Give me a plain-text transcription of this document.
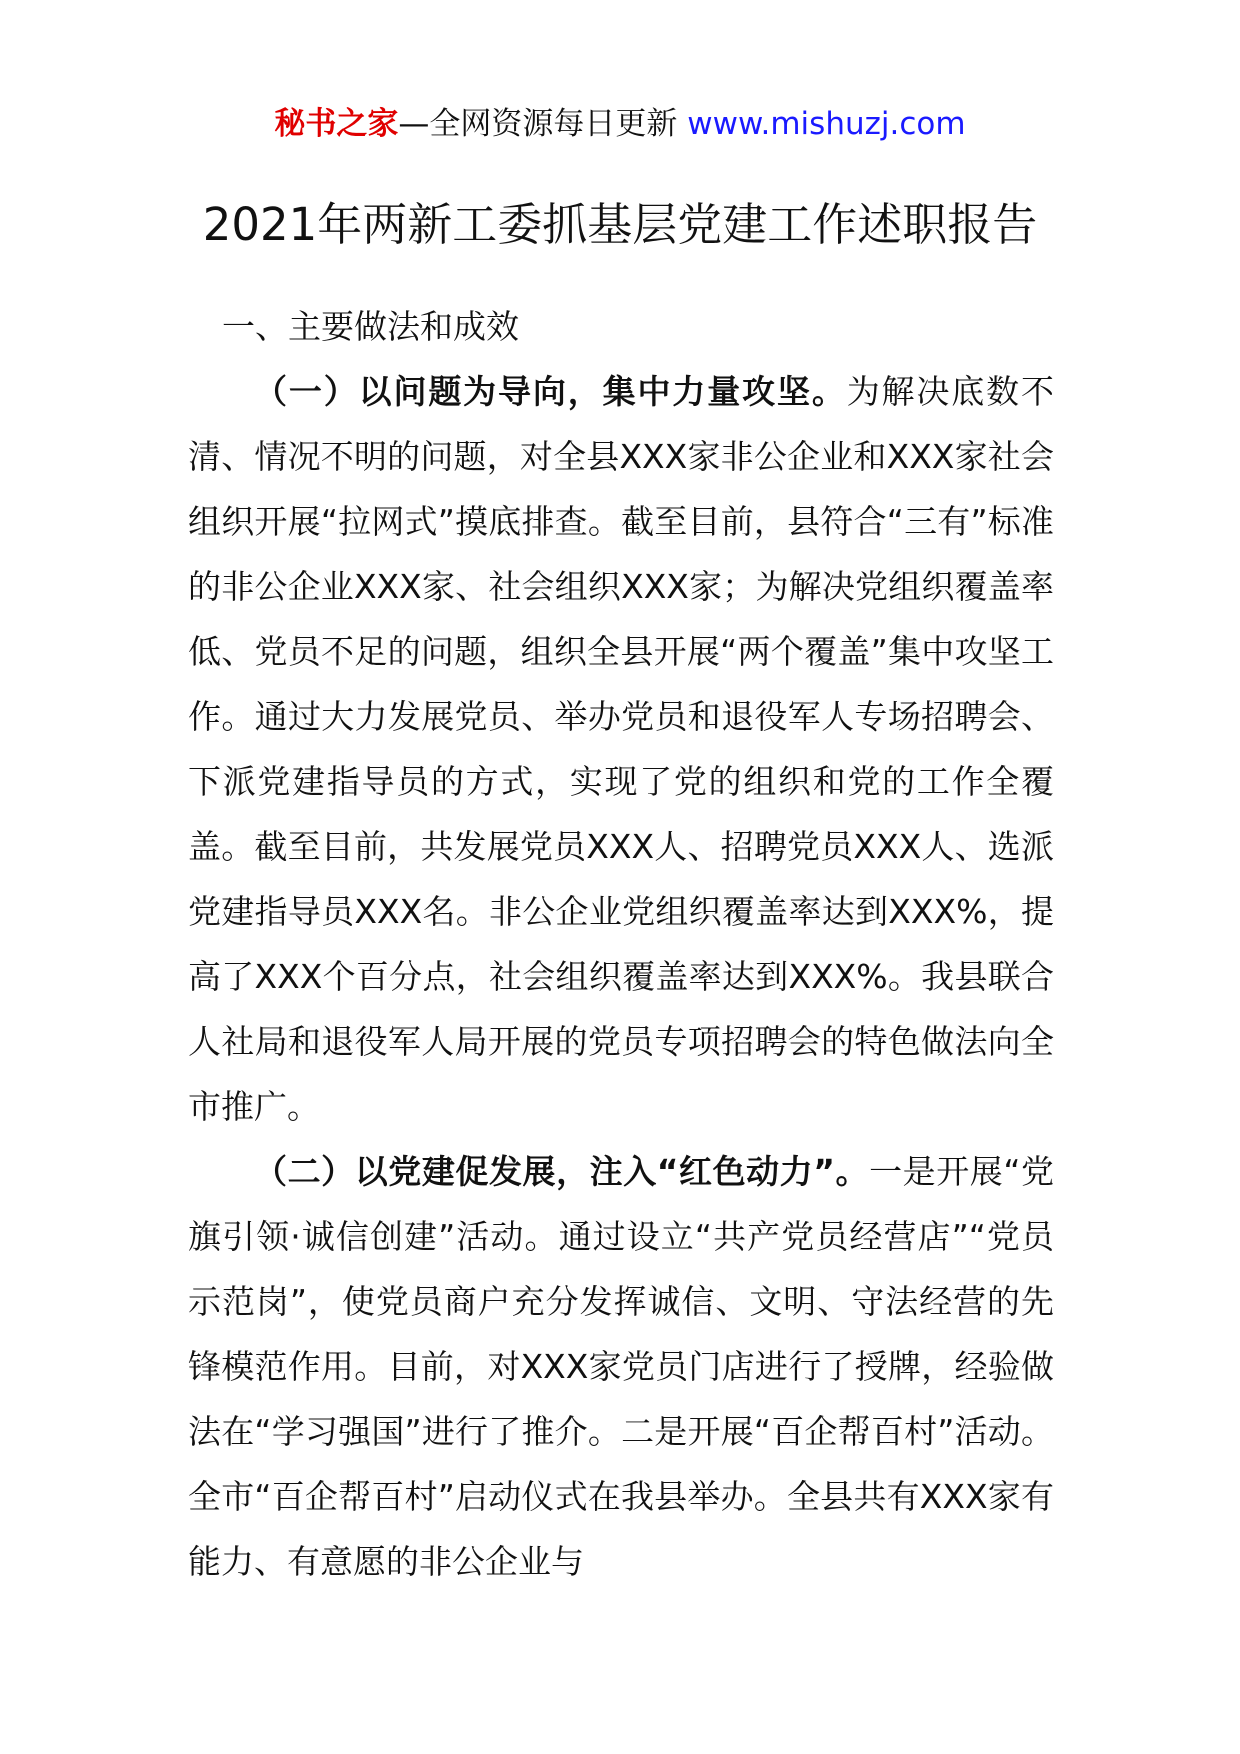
秘书之家—全网资源每日更新 www.mishuzj.com
2021年两新工委抓基层党建工作述职报告

一、主要做法和成效

（一）以问题为导向，集中力量攻坚。为解决底数不清、情况不明的问题，对全县XXX家非公企业和XXX家社会组织开展“拉网式”摸底排查。截至目前，县符合“三有”标准的非公企业XXX家、社会组织XXX家；为解决党组织覆盖率低、党员不足的问题，组织全县开展“两个覆盖”集中攻坚工作。通过大力发展党员、举办党员和退役军人专场招聘会、下派党建指导员的方式，实现了党的组织和党的工作全覆盖。截至目前，共发展党员XXX人、招聘党员XXX人、选派党建指导员XXX名。非公企业党组织覆盖率达到XXX%，提高了XXX个百分点，社会组织覆盖率达到XXX%。我县联合人社局和退役军人局开展的党员专项招聘会的特色做法向全市推广。

（二）以党建促发展，注入“红色动力”。一是开展“党旗引领·诚信创建”活动。通过设立“共产党员经营店”“党员示范岗”，使党员商户充分发挥诚信、文明、守法经营的先锋模范作用。目前，对XXX家党员门店进行了授牌，经验做法在“学习强国”进行了推介。二是开展“百企帮百村”活动。全市“百企帮百村”启动仪式在我县举办。全县共有XXX家有能力、有意愿的非公企业与
